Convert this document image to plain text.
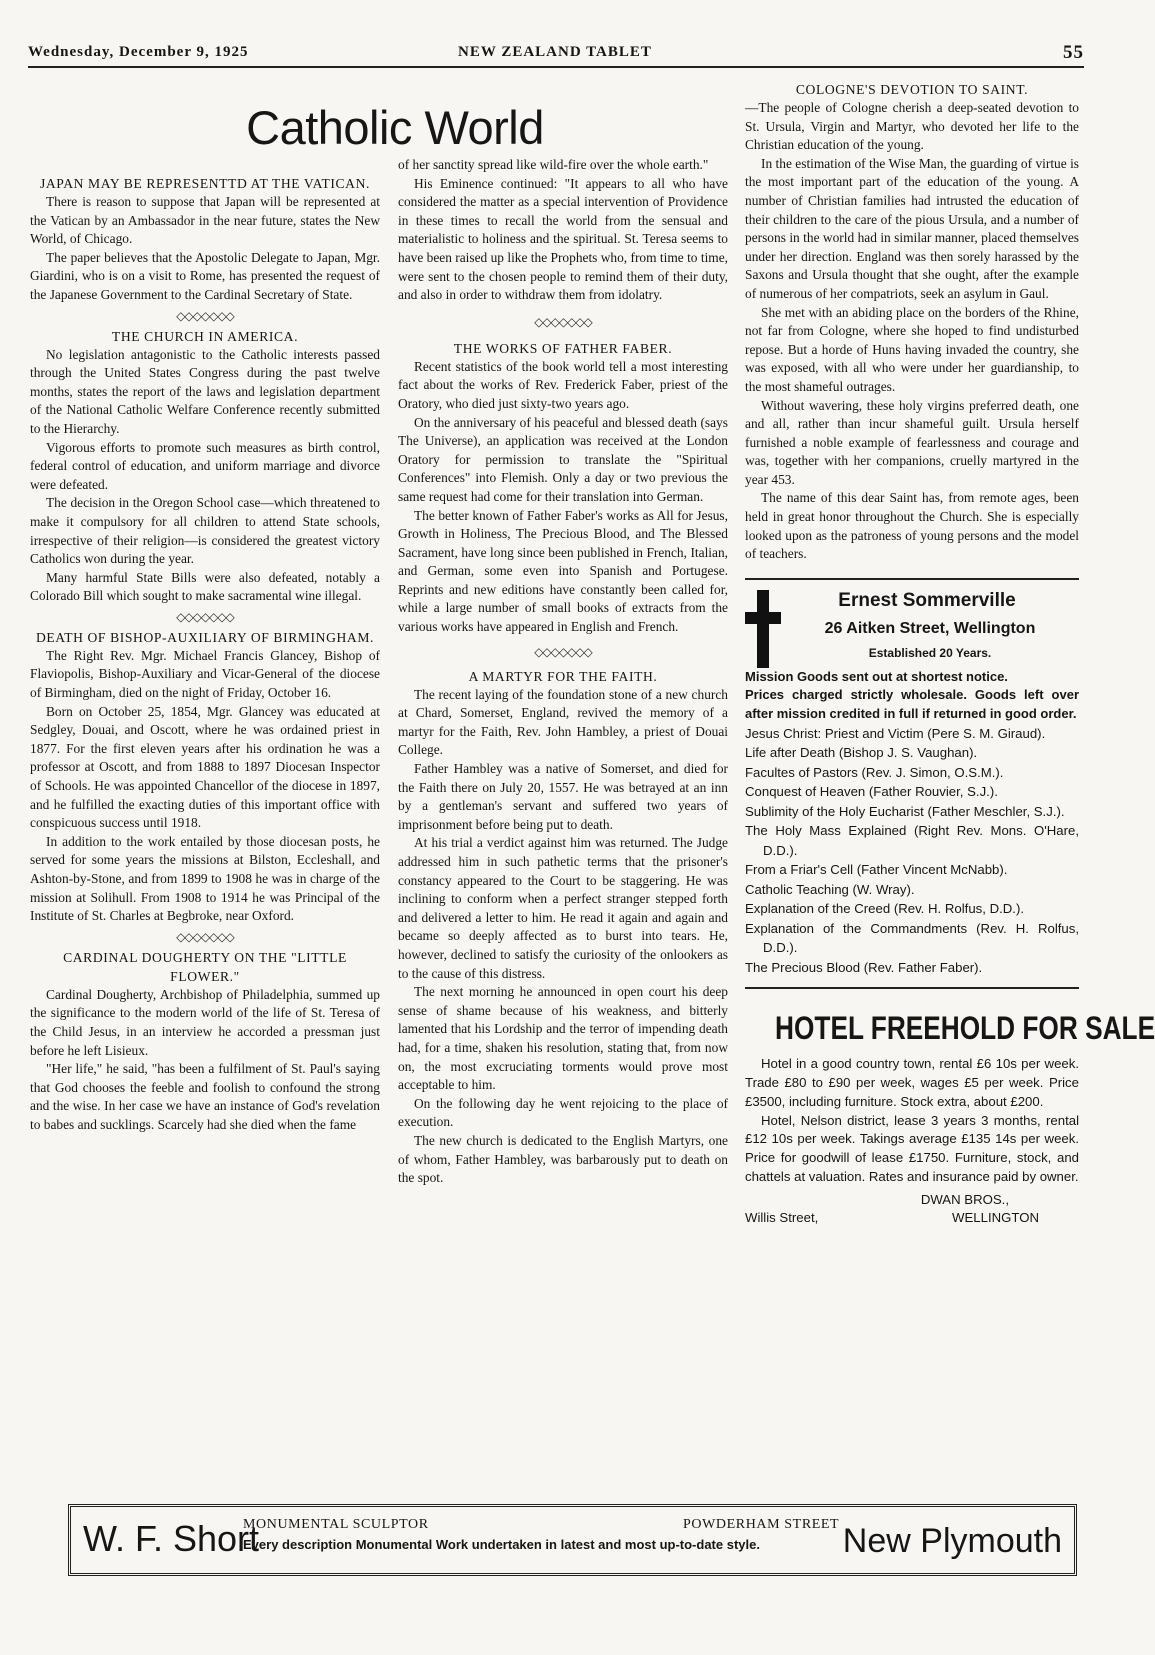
Wednesday, December 9, 1925	NEW ZEALAND TABLET	55
Catholic World
JAPAN MAY BE REPRESENTTD AT THE VATICAN.

There is reason to suppose that Japan will be represented at the Vatican by an Ambassador in the near future, states the New World, of Chicago.

The paper believes that the Apostolic Delegate to Japan, Mgr. Giardini, who is on a visit to Rome, has presented the request of the Japanese Government to the Cardinal Secretary of State.

◇◇◇◇◇◇◇
THE CHURCH IN AMERICA.

No legislation antagonistic to the Catholic interests passed through the United States Congress during the past twelve months, states the report of the laws and legislation department of the National Catholic Welfare Conference recently submitted to the Hierarchy.

Vigorous efforts to promote such measures as birth control, federal control of education, and uniform marriage and divorce were defeated.

The decision in the Oregon School case—which threatened to make it compulsory for all children to attend State schools, irrespective of their religion—is considered the greatest victory Catholics won during the year.

Many harmful State Bills were also defeated, notably a Colorado Bill which sought to make sacramental wine illegal.

◇◇◇◇◇◇◇
DEATH OF BISHOP-AUXILIARY OF BIRMINGHAM.

The Right Rev. Mgr. Michael Francis Glancey, Bishop of Flaviopolis, Bishop-Auxiliary and Vicar-General of the diocese of Birmingham, died on the night of Friday, October 16.

Born on October 25, 1854, Mgr. Glancey was educated at Sedgley, Douai, and Oscott, where he was ordained priest in 1877. For the first eleven years after his ordination he was a professor at Oscott, and from 1888 to 1897 Diocesan Inspector of Schools. He was appointed Chancellor of the diocese in 1897, and he fulfilled the exacting duties of this important office with conspicuous success until 1918.

In addition to the work entailed by those diocesan posts, he served for some years the missions at Bilston, Eccleshall, and Ashton-by-Stone, and from 1899 to 1908 he was in charge of the mission at Solihull. From 1908 to 1914 he was Principal of the Institute of St. Charles at Begbroke, near Oxford.

◇◇◇◇◇◇◇
CARDINAL DOUGHERTY ON THE "LITTLE FLOWER."

Cardinal Dougherty, Archbishop of Philadelphia, summed up the significance to the modern world of the life of St. Teresa of the Child Jesus, in an interview he accorded a pressman just before he left Lisieux.

"Her life," he said, "has been a fulfilment of St. Paul's saying that God chooses the feeble and foolish to confound the strong and the wise. In her case we have an instance of God's revelation to babes and sucklings. Scarcely had she died when the fame

of her sanctity spread like wild-fire over the whole earth."

His Eminence continued: "It appears to all who have considered the matter as a special intervention of Providence in these times to recall the world from the sensual and materialistic to holiness and the spiritual. St. Teresa seems to have been raised up like the Prophets who, from time to time, were sent to the chosen people to remind them of their duty, and also in order to withdraw them from idolatry.

◇◇◇◇◇◇◇
THE WORKS OF FATHER FABER.

Recent statistics of the book world tell a most interesting fact about the works of Rev. Frederick Faber, priest of the Oratory, who died just sixty-two years ago.

On the anniversary of his peaceful and blessed death (says The Universe), an application was received at the London Oratory for permission to translate the "Spiritual Conferences" into Flemish. Only a day or two previous the same request had come for their translation into German.

The better known of Father Faber's works as All for Jesus, Growth in Holiness, The Precious Blood, and The Blessed Sacrament, have long since been published in French, Italian, and German, some even into Spanish and Portugese. Reprints and new editions have constantly been called for, while a large number of small books of extracts from the various works have appeared in English and French.

◇◇◇◇◇◇◇
A MARTYR FOR THE FAITH.

The recent laying of the foundation stone of a new church at Chard, Somerset, England, revived the memory of a martyr for the Faith, Rev. John Hambley, a priest of Douai College.

Father Hambley was a native of Somerset, and died for the Faith there on July 20, 1557. He was betrayed at an inn by a gentleman's servant and suffered two years of imprisonment before being put to death.

At his trial a verdict against him was returned. The Judge addressed him in such pathetic terms that the prisoner's constancy appeared to the Court to be staggering. He was inclining to conform when a perfect stranger stepped forth and delivered a letter to him. He read it again and again and became so deeply affected as to burst into tears. He, however, declined to satisfy the curiosity of the onlookers as to the cause of this distress.

The next morning he announced in open court his deep sense of shame because of his weakness, and bitterly lamented that his Lordship and the terror of impending death had, for a time, shaken his resolution, stating that, from now on, the most excruciating torments would prove most acceptable to him.

On the following day he went rejoicing to the place of execution.

The new church is dedicated to the English Martyrs, one of whom, Father Hambley, was barbarously put to death on the spot.

COLOGNE'S DEVOTION TO SAINT.

—The people of Cologne cherish a deep-seated devotion to St. Ursula, Virgin and Martyr, who devoted her life to the Christian education of the young.

In the estimation of the Wise Man, the guarding of virtue is the most important part of the education of the young. A number of Christian families had intrusted the education of their children to the care of the pious Ursula, and a number of persons in the world had in similar manner, placed themselves under her direction. England was then sorely harassed by the Saxons and Ursula thought that she ought, after the example of numerous of her compatriots, seek an asylum in Gaul.

She met with an abiding place on the borders of the Rhine, not far from Cologne, where she hoped to find undisturbed repose. But a horde of Huns having invaded the country, she was exposed, with all who were under her guardianship, to the most shameful outrages.

Without wavering, these holy virgins preferred death, one and all, rather than incur shameful guilt. Ursula herself furnished a noble example of fearlessness and courage and was, together with her companions, cruelly martyred in the year 453.

The name of this dear Saint has, from remote ages, been held in great honor throughout the Church. She is especially looked upon as the patroness of young persons and the model of teachers.

Ernest Sommerville
26 Aitken Street, Wellington
Established 20 Years.

Mission Goods sent out at shortest notice.

Prices charged strictly wholesale. Goods left over after mission credited in full if returned in good order.

Jesus Christ: Priest and Victim (Pere S. M. Giraud).

Life after Death (Bishop J. S. Vaughan).

Facultes of Pastors (Rev. J. Simon, O.S.M.).

Conquest of Heaven (Father Rouvier, S.J.).

Sublimity of the Holy Eucharist (Father Meschler, S.J.).

The Holy Mass Explained (Right Rev. Mons. O'Hare, D.D.).

From a Friar's Cell (Father Vincent McNabb).

Catholic Teaching (W. Wray).

Explanation of the Creed (Rev. H. Rolfus, D.D.).

Explanation of the Commandments (Rev. H. Rolfus, D.D.).

The Precious Blood (Rev. Father Faber).

HOTEL FREEHOLD FOR SALE

Hotel in a good country town, rental £6 10s per week. Trade £80 to £90 per week, wages £5 per week. Price £3500, including furniture. Stock extra, about £200.

Hotel, Nelson district, lease 3 years 3 months, rental £12 10s per week. Takings average £135 14s per week. Price for goodwill of lease £1750. Furniture, stock, and chattels at valuation. Rates and insurance paid by owner.

DWAN BROS.,
Willis Street,	WELLINGTON
W. F. Short
MONUMENTAL SCULPTOR	POWDERHAM STREET
Every description Monumental Work undertaken in latest and most up-to-date style. New Plymouth
